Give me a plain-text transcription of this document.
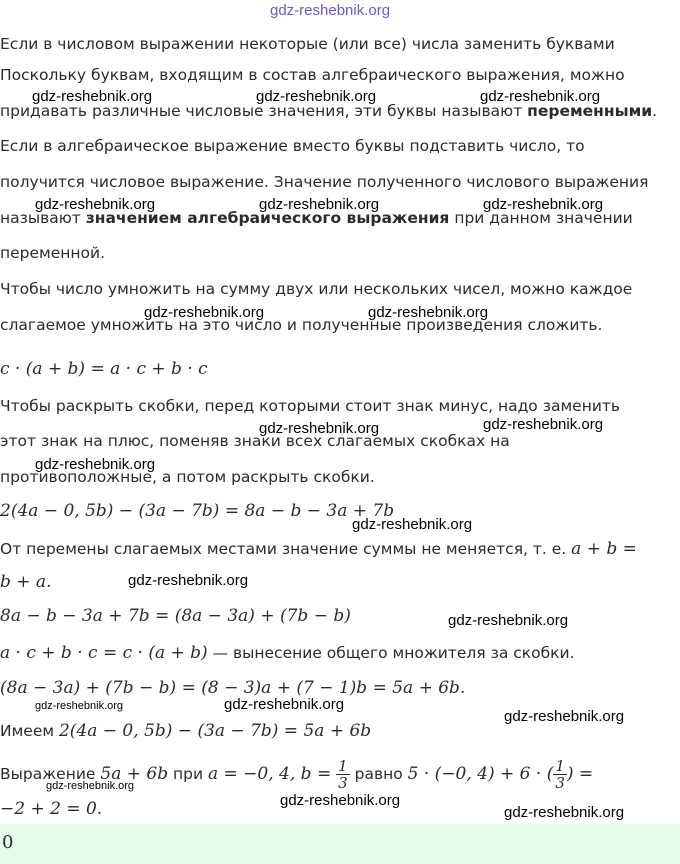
gdz-reshebnik.org
Если в числовом выражении некоторые (или все) числа заменить буквами
Поскольку буквам, входящим в состав алгебраического выражения, можно
придавать различные числовые значения, эти буквы называют переменными.
Если в алгебраическое выражение вместо буквы подставить число, то
получится числовое выражение. Значение полученного числового выражения
называют значением алгебраического выражения при данном значении
переменной.
Чтобы число умножить на сумму двух или нескольких чисел, можно каждое
слагаемое умножить на это число и полученные произведения сложить.
c · (a + b) = a · c + b · c
Чтобы раскрыть скобки, перед которыми стоит знак минус, надо заменить
этот знак на плюс, поменяв знаки всех слагаемых скобках на
противоположные, а потом раскрыть скобки.
2(4a − 0, 5b) − (3a − 7b) = 8a − b − 3a + 7b
От перемены слагаемых местами значение суммы не меняется, т. е. a + b =
b + a.
8a − b − 3a + 7b = (8a − 3a) + (7b − b)
a · c + b · c = c · (a + b) — вынесение общего множителя за скобки.
(8a − 3a) + (7b − b) = (8 − 3)a + (7 − 1)b = 5a + 6b.
Имеем 2(4a − 0, 5b) − (3a − 7b) = 5a + 6b
Выражение 5a + 6b при a = −0, 4, $b = \frac{1}{3}$ равно 5 · (−0, 4) + 6 · ( $\frac{1}{3}$ ) =
−2 + 2 = 0.
0
gdz-reshebnik.org	gdz-reshebnik.org	gdz-reshebnik.org
gdz-reshebnik.org	gdz-reshebnik.org	gdz-reshebnik.org
gdz-reshebnik.org	gdz-reshebnik.org
gdz-reshebnik.org	gdz-reshebnik.org
gdz-reshebnik.org
gdz-reshebnik.org
gdz-reshebnik.org
gdz-reshebnik.org
gdz-reshebnik.org	gdz-reshebnik.org
gdz-reshebnik.org
gdz-reshebnik.org
gdz-reshebnik.org
gdz-reshebnik.org
